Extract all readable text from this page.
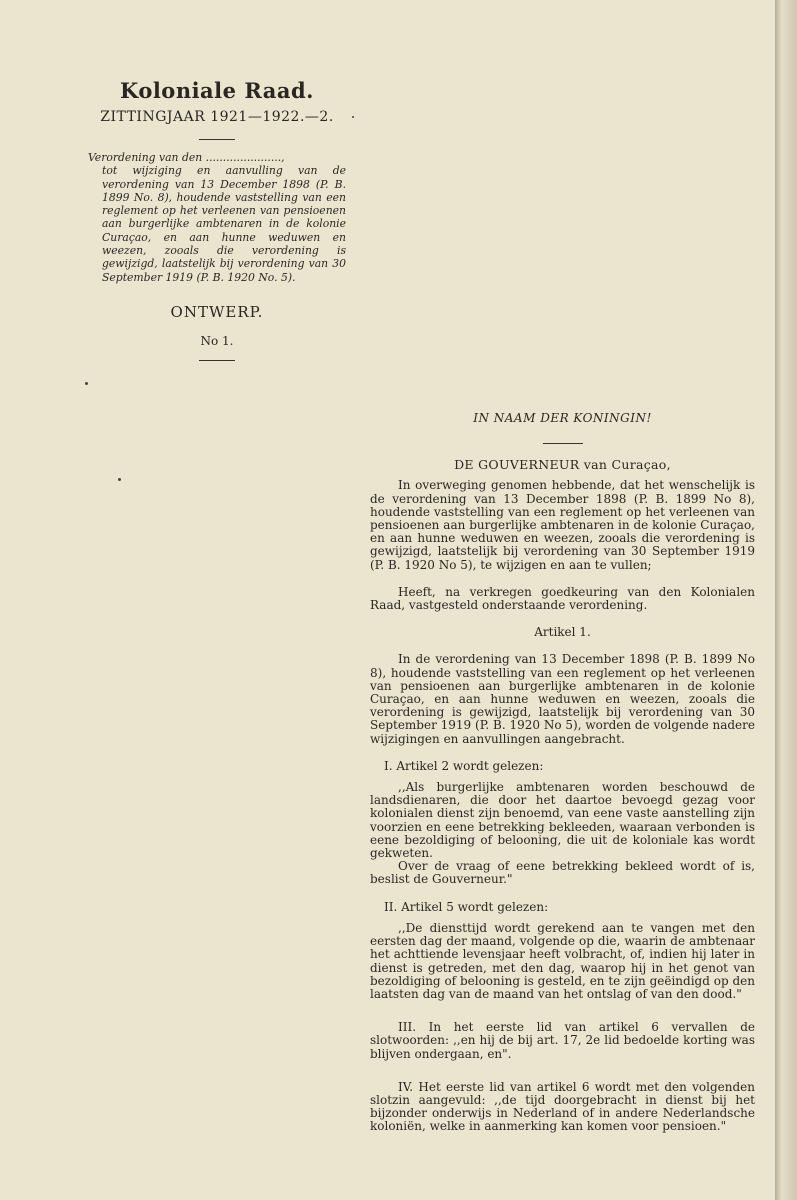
Koloniale Raad.
ZITTINGJAAR 1921—1922.—2.
Verordening van den ......................,
tot wijziging en aanvulling van de verordening van 13 December 1898 (P. B. 1899 No. 8), houdende vaststelling van een reglement op het verleenen van pensioenen aan burgerlijke ambtenaren in de kolonie Curaçao, en aan hunne weduwen en weezen, zooals die verordening is gewijzigd, laatstelijk bij verordening van 30 September 1919 (P. B. 1920 No. 5).
ONTWERP.
No 1.
IN NAAM DER KONINGIN!
DE GOUVERNEUR van Curaçao,

In overweging genomen hebbende, dat het wenschelijk is de verordening van 13 December 1898 (P. B. 1899 No 8), houdende vaststelling van een reglement op het verleenen van pensioenen aan burgerlijke ambtenaren in de kolonie Curaçao, en aan hunne weduwen en weezen, zooals die verordening is gewijzigd, laatstelijk bij verordening van 30 September 1919 (P. B. 1920 No 5), te wijzigen en aan te vullen;

Heeft, na verkregen goedkeuring van den Kolonialen Raad, vastgesteld onderstaande verordening.

Artikel 1.

In de verordening van 13 December 1898 (P. B. 1899 No 8), houdende vaststelling van een reglement op het verleenen van pensioenen aan burgerlijke ambtenaren in de kolonie Curaçao, en aan hunne weduwen en weezen, zooals die verordening is gewijzigd, laatstelijk bij verordening van 30 September 1919 (P. B. 1920 No 5), worden de volgende nadere wijzigingen en aanvullingen aangebracht.

I. Artikel 2 wordt gelezen:

,,Als burgerlijke ambtenaren worden beschouwd de landsdienaren, die door het daartoe bevoegd gezag voor kolonialen dienst zijn benoemd, van eene vaste aanstelling zijn voorzien en eene betrekking bekleeden, waaraan verbonden is eene bezoldiging of belooning, die uit de koloniale kas wordt gekweten.

Over de vraag of eene betrekking bekleed wordt of is, beslist de Gouverneur."

II. Artikel 5 wordt gelezen:

,,De diensttijd wordt gerekend aan te vangen met den eersten dag der maand, volgende op die, waarin de ambtenaar het achttiende levensjaar heeft volbracht, of, indien hij later in dienst is getreden, met den dag, waarop hij in het genot van bezoldiging of belooning is gesteld, en te zijn geëindigd op den laatsten dag van de maand van het ontslag of van den dood."

III. In het eerste lid van artikel 6 vervallen de slotwoorden: ,,en hij de bij art. 17, 2e lid bedoelde korting was blijven ondergaan, en".

IV. Het eerste lid van artikel 6 wordt met den volgenden slotzin aangevuld: ,,de tijd doorgebracht in dienst bij het bijzonder onderwijs in Nederland of in andere Nederlandsche koloniën, welke in aanmerking kan komen voor pensioen."
